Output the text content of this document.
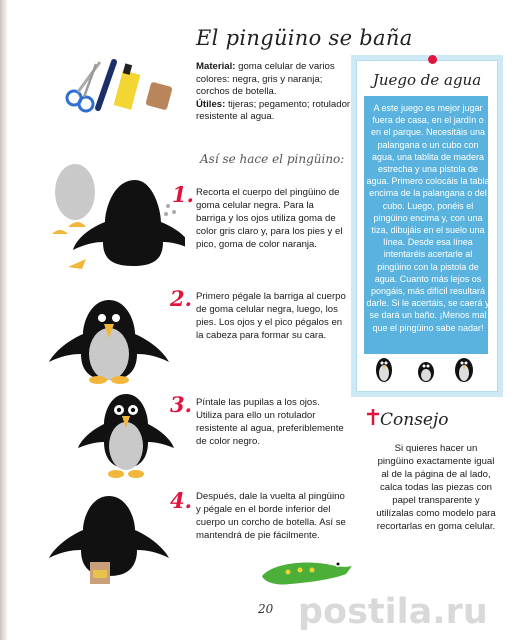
El pingüino se baña
Material: goma celular de varios colores: negra, gris y naranja; corchos de botella.
Útiles: tijeras; pegamento; rotulador resistente al agua.
Así se hace el pingüino:
1. Recorta el cuerpo del pingüino de goma celular negra. Para la barriga y los ojos utiliza goma de color gris claro y, para los pies y el pico, goma de color naranja.
2. Primero pégale la barriga al cuerpo de goma celular negra, luego, los pies. Los ojos y el pico pégalos en la cabeza para formar su cara.
3. Píntale las pupilas a los ojos. Utiliza para ello un rotulador resistente al agua, preferiblemente de color negro.
4. Después, dale la vuelta al pingüino y pégale en el borde inferior del cuerpo un corcho de botella. Así se mantendrá de pie fácilmente.
Juego de agua
A este juego es mejor jugar fuera de casa, en el jardín o en el parque. Necesitáis una palangana o un cubo con agua, una tablita de madera estrecha y una pistola de agua. Primero colocáis la tabla encima de la palangana o del cubo. Luego, ponéis el pingüino encima y, con una tiza, dibujáis en el suelo una línea. Desde esa línea intentaréis acertarle al pingüino con la pistola de agua. Cuanto más lejos os pongáis, más difícil resultará darle. Si le acertáis, se caerá y se dará un baño. ¡Menos mal que el pingüino sabe nadar!
Consejo
Si quieres hacer un pingüino exactamente igual al de la página de al lado, calca todas las piezas con papel transparente y utilízalas como modelo para recortarlas en goma celular.
20 postila.ru
